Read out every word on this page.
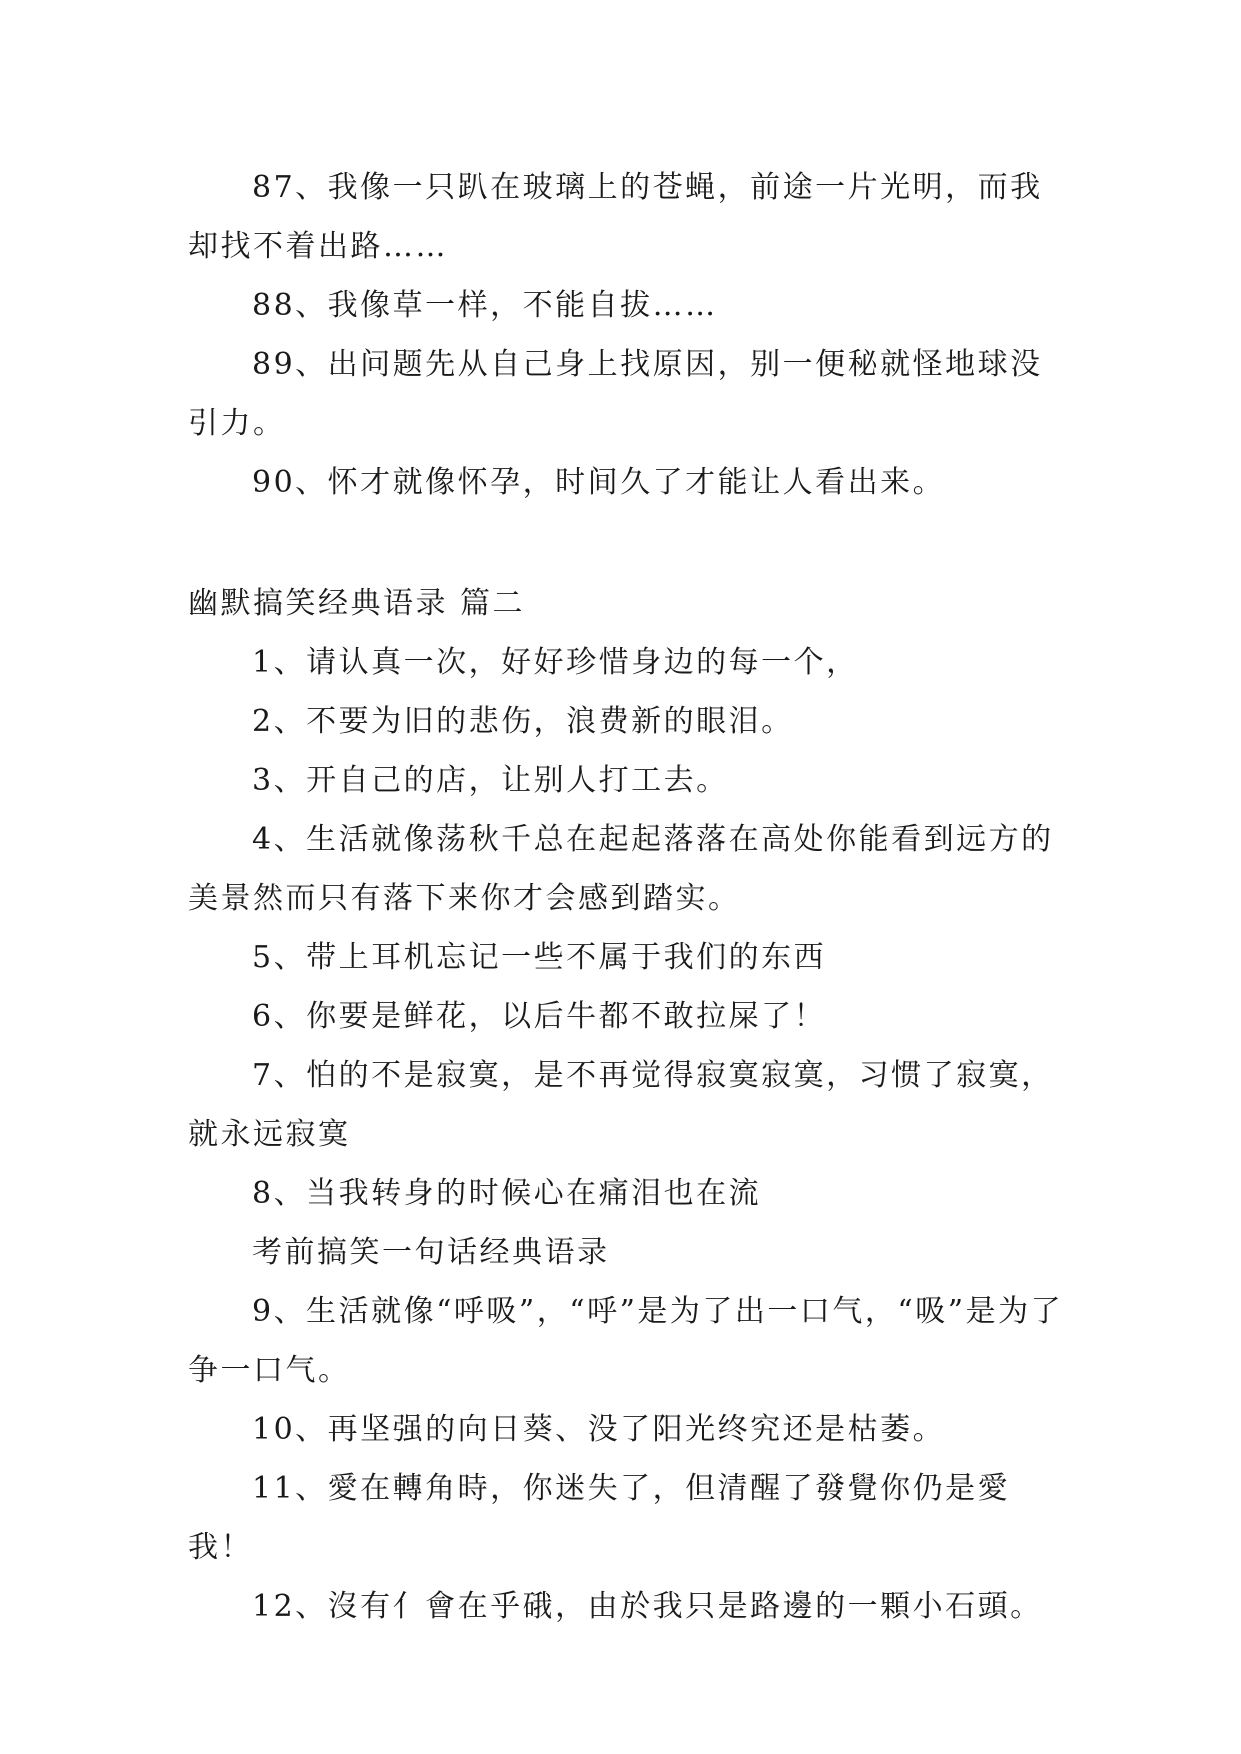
87、我像一只趴在玻璃上的苍蝇，前途一片光明，而我却找不着出路……

88、我像草一样，不能自拔……

89、出问题先从自己身上找原因，别一便秘就怪地球没引力。

90、怀才就像怀孕，时间久了才能让人看出来。

幽默搞笑经典语录 篇二

1、请认真一次，好好珍惜身边的每一个，

2、不要为旧的悲伤，浪费新的眼泪。

3、开自己的店，让别人打工去。

4、生活就像荡秋千总在起起落落在高处你能看到远方的美景然而只有落下来你才会感到踏实。

5、带上耳机忘记一些不属于我们的东西

6、你要是鲜花，以后牛都不敢拉屎了！

7、怕的不是寂寞，是不再觉得寂寞寂寞，习惯了寂寞，就永远寂寞

8、当我转身的时候心在痛泪也在流

考前搞笑一句话经典语录

9、生活就像“呼吸”，“呼”是为了出一口气，“吸”是为了争一口气。

10、再坚强的向日葵、没了阳光终究还是枯萎。

11、愛在轉角時，你迷失了，但清醒了發覺你仍是愛我！

12、沒有亻會在乎硪，由於我只是路邊的一顆小石頭。
